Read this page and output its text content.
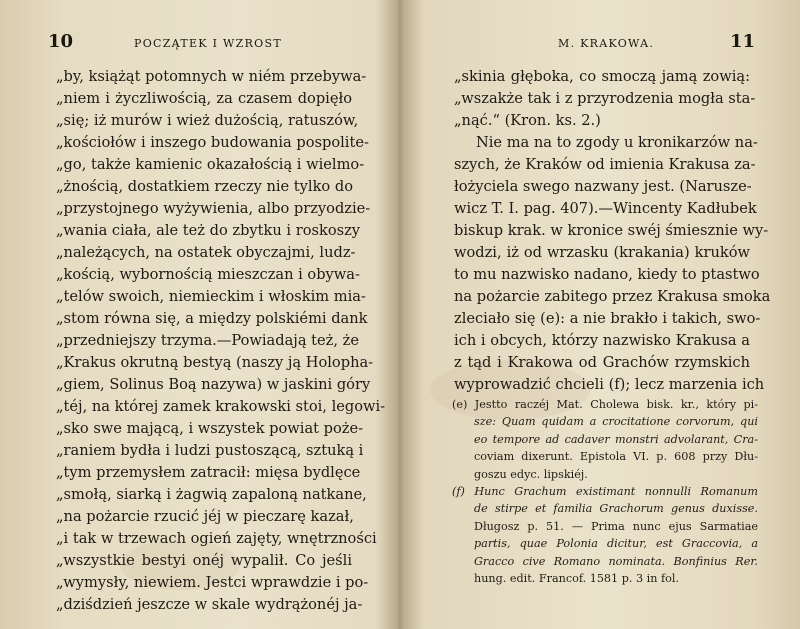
10	POCZĄTEK I WZROST
„by, książąt potomnych w niém przebywa-
„niem i życzliwością, za czasem dopięło
„się; iż murów i wież dużością, ratuszów,
„kościołów i inszego budowania pospolite-
„go, także kamienic okazałością i wielmo-
„żnością, dostatkiem rzeczy nie tylko do
„przystojnego wyżywienia, albo przyodzie-
„wania ciała, ale też do zbytku i roskoszy
„należących, na ostatek obyczajmi, ludz-
„kością, wybornością mieszczan i obywa-
„telów swoich, niemieckim i włoskim mia-
„stom równa się, a między polskiémi dank
„przedniejszy trzyma.—Powiadają też, że
„Krakus okrutną bestyą (naszy ją Holopha-
„giem, Solinus Boą nazywa) w jaskini góry
„téj, na której zamek krakowski stoi, legowi-
„sko swe mającą, i wszystek powiat poże-
„raniem bydła i ludzi pustoszącą, sztuką i
„tym przemysłem zatracił: mięsa bydlęce
„smołą, siarką i żagwią zapaloną natkane,
„na pożarcie rzucić jéj w pieczarę kazał,
„i tak w trzewach ogień zajęty, wnętrzności
„wszystkie bestyi onéj wypalił. Co jeśli
„wymysły, niewiem. Jestci wprawdzie i po-
„dziśdzień jeszcze w skale wydrążonéj ja-
M. KRAKOWA.	11
„skinia głęboka, co smoczą jamą zowią:
„wszakże tak i z przyrodzenia mogła sta-
„nąć.“ (Kron. ks. 2.)
Nie ma na to zgody u kronikarzów na-
szych, że Kraków od imienia Krakusa za-
łożyciela swego nazwany jest. (Narusze-
wicz T. I. pag. 407).—Wincenty Kadłubek
biskup krak. w kronice swéj śmiesznie wy-
wodzi, iż od wrzasku (krakania) kruków
to mu nazwisko nadano, kiedy to ptastwo
na pożarcie zabitego przez Krakusa smoka
zleciało się (e): a nie brakło i takich, swo-
ich i obcych, którzy nazwisko Krakusa a
z tąd i Krakowa od Grachów rzymskich
wyprowadzić chcieli (f); lecz marzenia ich
(e) Jestto raczéj Mat. Cholewa bisk. kr., który pi-
sze: Quam quidam a crocitatione corvorum, qui
eo tempore ad cadaver monstri advolarant, Cra-
coviam dixerunt. Epistola VI. p. 608 przy Dłu-
goszu edyc. lipskiéj.
(f) Hunc Grachum existimant nonnulli Romanum
de stirpe et familia Grachorum genus duxisse.
Długosz p. 51. — Prima nunc ejus Sarmatiae
partis, quae Polonia dicitur, est Graccovia, a
Gracco cive Romano nominata. Bonfinius Rer.
hung. edit. Francof. 1581 p. 3 in fol.
